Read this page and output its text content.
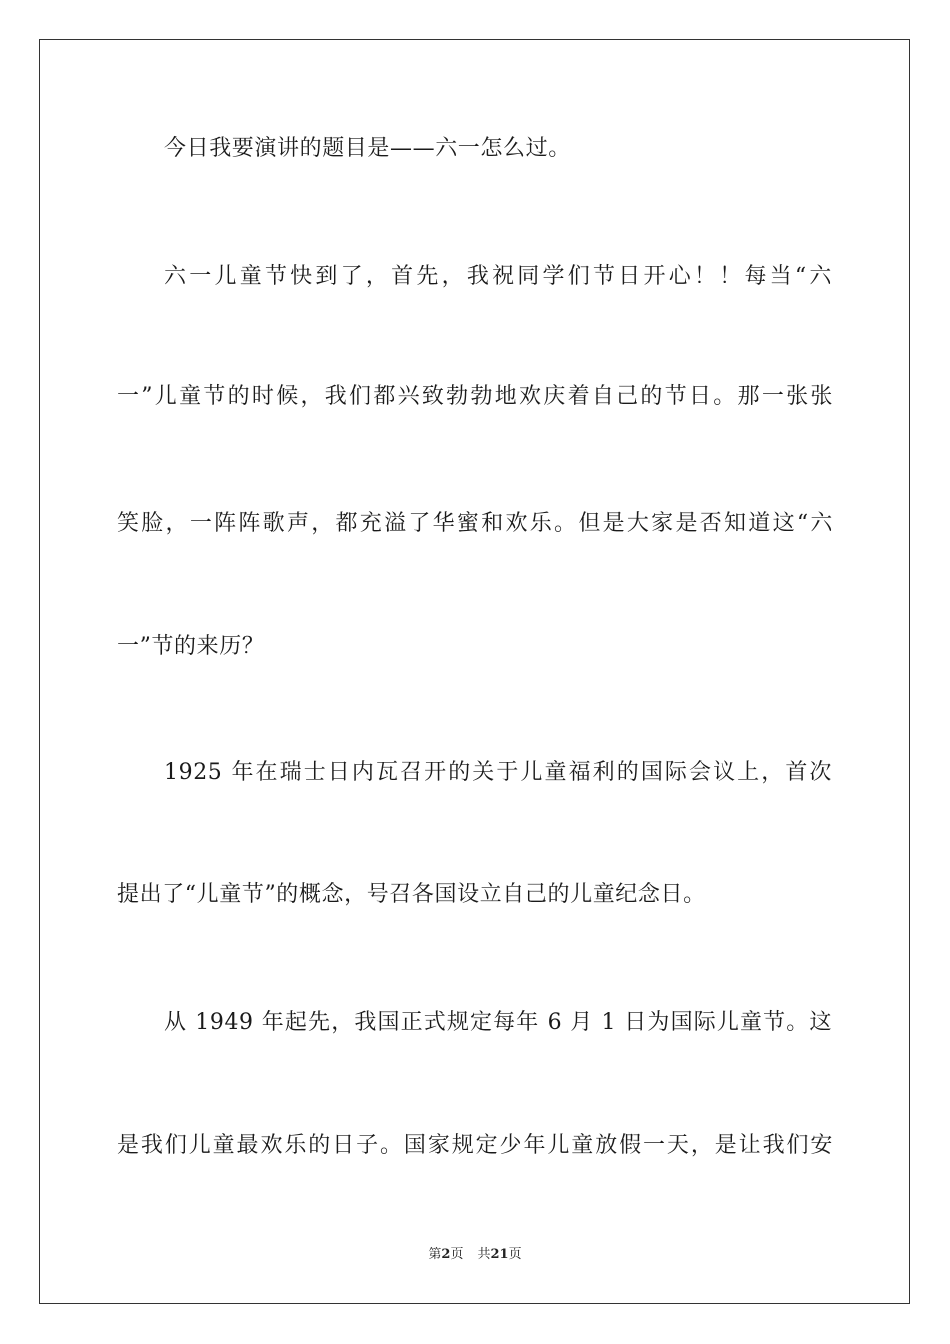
今日我要演讲的题目是——六一怎么过。
六一儿童节快到了，首先，我祝同学们节日开心！！每当“六
一”儿童节的时候，我们都兴致勃勃地欢庆着自己的节日。那一张张
笑脸，一阵阵歌声，都充溢了华蜜和欢乐。但是大家是否知道这“六
一”节的来历？
1925 年在瑞士日内瓦召开的关于儿童福利的国际会议上，首次
提出了“儿童节”的概念，号召各国设立自己的儿童纪念日。
从 1949 年起先，我国正式规定每年 6 月 1 日为国际儿童节。这
是我们儿童最欢乐的日子。国家规定少年儿童放假一天，是让我们安
第2页 共21页
